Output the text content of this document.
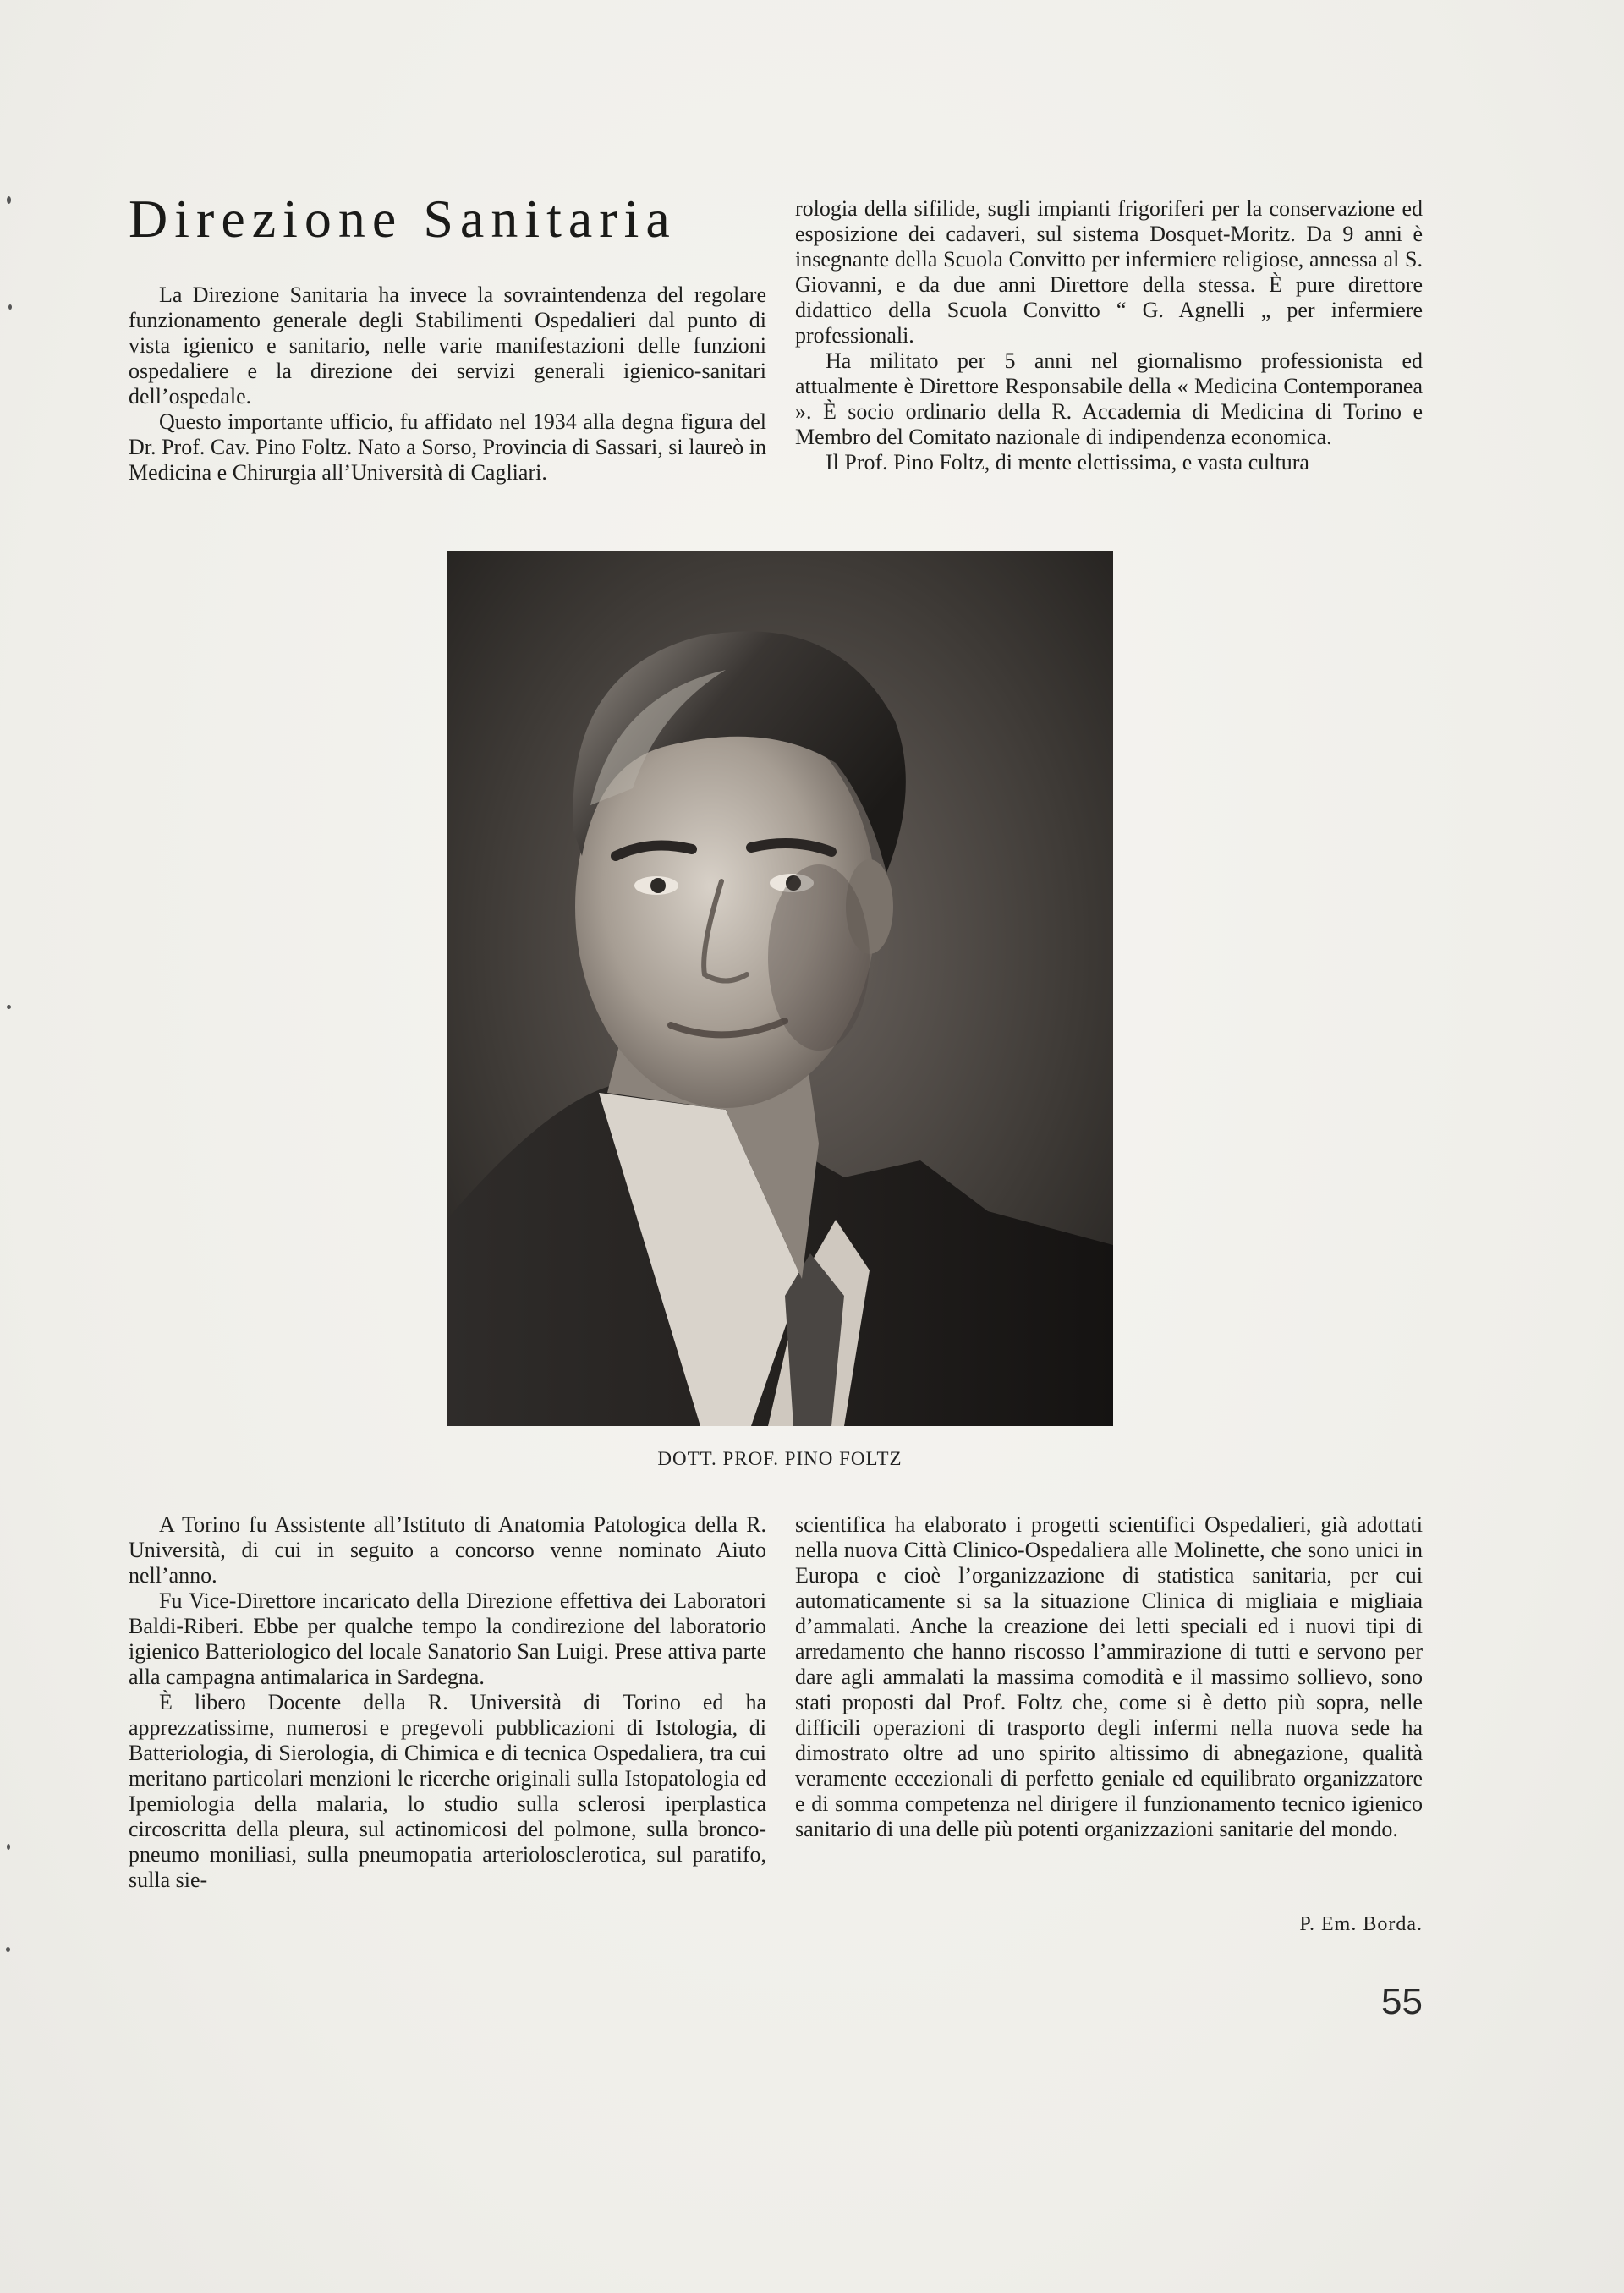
Direzione Sanitaria

La Direzione Sanitaria ha invece la sovraintendenza del regolare funzionamento generale degli Stabilimenti Ospedalieri dal punto di vista igienico e sanitario, nelle varie manifestazioni delle funzioni ospedaliere e la direzione dei servizi generali igienico-sanitari dell’ospedale.

Questo importante ufficio, fu affidato nel 1934 alla degna figura del Dr. Prof. Cav. Pino Foltz. Nato a Sorso, Provincia di Sassari, si laureò in Medicina e Chirurgia all’Università di Cagliari.

rologia della sifilide, sugli impianti frigoriferi per la conservazione ed esposizione dei cadaveri, sul sistema Dosquet-Moritz. Da 9 anni è insegnante della Scuola Convitto per infermiere religiose, annessa al S. Giovanni, e da due anni Direttore della stessa. È pure direttore didattico della Scuola Convitto “ G. Agnelli „ per infermiere professionali.

Ha militato per 5 anni nel giornalismo professionista ed attualmente è Direttore Responsabile della « Medicina Contemporanea ». È socio ordinario della R. Accademia di Medicina di Torino e Membro del Comitato nazionale di indipendenza economica.

Il Prof. Pino Foltz, di mente elettissima, e vasta cultura

DOTT. PROF. PINO FOLTZ

A Torino fu Assistente all’Istituto di Anatomia Patologica della R. Università, di cui in seguito a concorso venne nominato Aiuto nell’anno.

Fu Vice-Direttore incaricato della Direzione effettiva dei Laboratori Baldi-Riberi. Ebbe per qualche tempo la condirezione del laboratorio igienico Batteriologico del locale Sanatorio San Luigi. Prese attiva parte alla campagna antimalarica in Sardegna.

È libero Docente della R. Università di Torino ed ha apprezzatissime, numerosi e pregevoli pubblicazioni di Istologia, di Batteriologia, di Sierologia, di Chimica e di tecnica Ospedaliera, tra cui meritano particolari menzioni le ricerche originali sulla Istopatologia ed Ipemiologia della malaria, lo studio sulla sclerosi iperplastica circoscritta della pleura, sul actinomicosi del polmone, sulla bronco-pneumo moniliasi, sulla pneumopatia arteriolosclerotica, sul paratifo, sulla sie-

scientifica ha elaborato i progetti scientifici Ospedalieri, già adottati nella nuova Città Clinico-Ospedaliera alle Molinette, che sono unici in Europa e cioè l’organizzazione di statistica sanitaria, per cui automaticamente si sa la situazione Clinica di migliaia e migliaia d’ammalati. Anche la creazione dei letti speciali ed i nuovi tipi di arredamento che hanno riscosso l’ammirazione di tutti e servono per dare agli ammalati la massima comodità e il massimo sollievo, sono stati proposti dal Prof. Foltz che, come si è detto più sopra, nelle difficili operazioni di trasporto degli infermi nella nuova sede ha dimostrato oltre ad uno spirito altissimo di abnegazione, qualità veramente eccezionali di perfetto geniale ed equilibrato organizzatore e di somma competenza nel dirigere il funzionamento tecnico igienico sanitario di una delle più potenti organizzazioni sanitarie del mondo.

P. Em. Borda.
55
